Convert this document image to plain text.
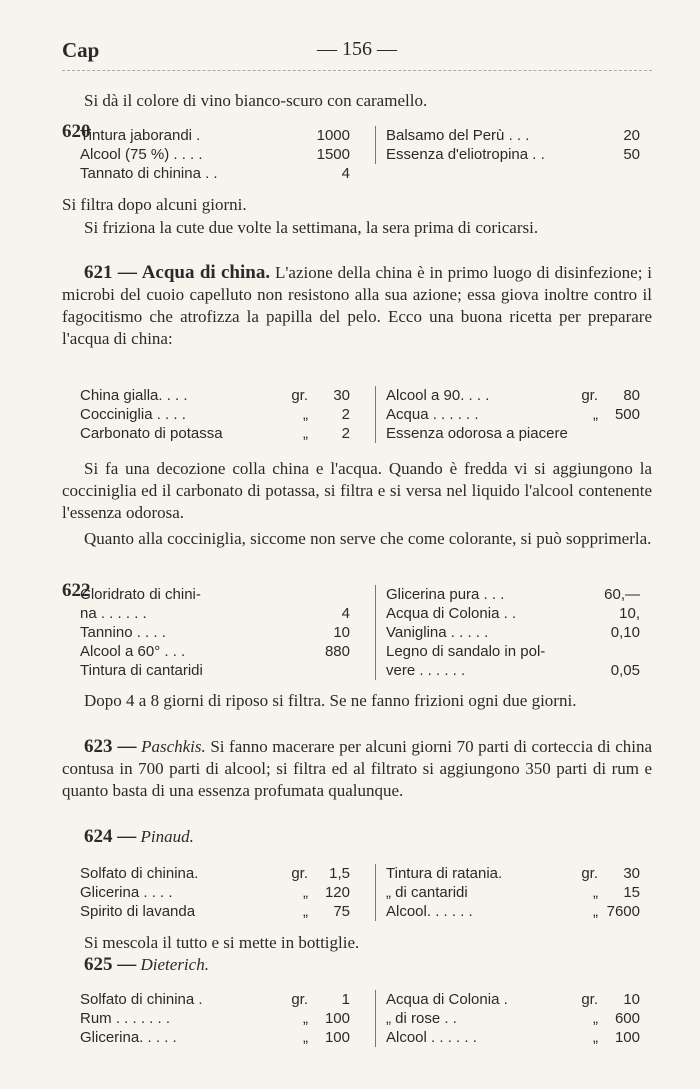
Cap	— 156 —
Si dà il colore di vino bianco-scuro con caramello.
620
Tintura jaborandi .	1000
Alcool (75 %) . . . .	1500
Tannato di chinina . .	4
Balsamo del Perù . . .	20
Essenza d'eliotropina . .	50
Si filtra dopo alcuni giorni.
Si friziona la cute due volte la settimana, la sera prima di coricarsi.
621 — Acqua di china. L'azione della china è in primo luogo di disinfezione; i microbi del cuoio capelluto non resistono alla sua azione; essa giova inoltre contro il fagocitismo che atrofizza la papilla del pelo. Ecco una buona ricetta per preparare l'acqua di china:
China gialla. . . .	gr.	30
Cocciniglia . . . .	„	2
Carbonato di potassa	„	2
Alcool a 90. . . .	gr.	80
Acqua . . . . . .	„	500
Essenza odorosa a piacere
Si fa una decozione colla china e l'acqua. Quando è fredda vi si aggiungono la cocciniglia ed il carbonato di potassa, si filtra e si versa nel liquido l'alcool contenente l'essenza odorosa.
Quanto alla cocciniglia, siccome non serve che come colorante, si può sopprimerla.
622
Cloridrato di chini-
na . . . . . .	4
Tannino . . . .	10
Alcool a 60° . . .	880
Tintura di cantaridi
Glicerina pura . . .	60,—
Acqua di Colonia . .	10,
Vaniglina . . . . .	0,10
Legno di sandalo in pol-
vere . . . . . .	0,05
Dopo 4 a 8 giorni di riposo si filtra. Se ne fanno frizioni ogni due giorni.
623 — Paschkis. Si fanno macerare per alcuni giorni 70 parti di corteccia di china contusa in 700 parti di alcool; si filtra ed al filtrato si aggiungono 350 parti di rum e quanto basta di una essenza profumata qualunque.
624 — Pinaud.
Solfato di chinina.	gr.	1,5
Glicerina . . . .	„	120
Spirito di lavanda	„	75
Tintura di ratania.	gr.	30
„ di cantaridi	„	15
Alcool. . . . . .	„ 7600
Si mescola il tutto e si mette in bottiglie.
625 — Dieterich.
Solfato di chinina .	gr.	1
Rum . . . . . . .	„	100
Glicerina. . . . .	„	100
Acqua di Colonia .	gr.	10
„ di rose . .	„	600
Alcool . . . . . .	„	100
